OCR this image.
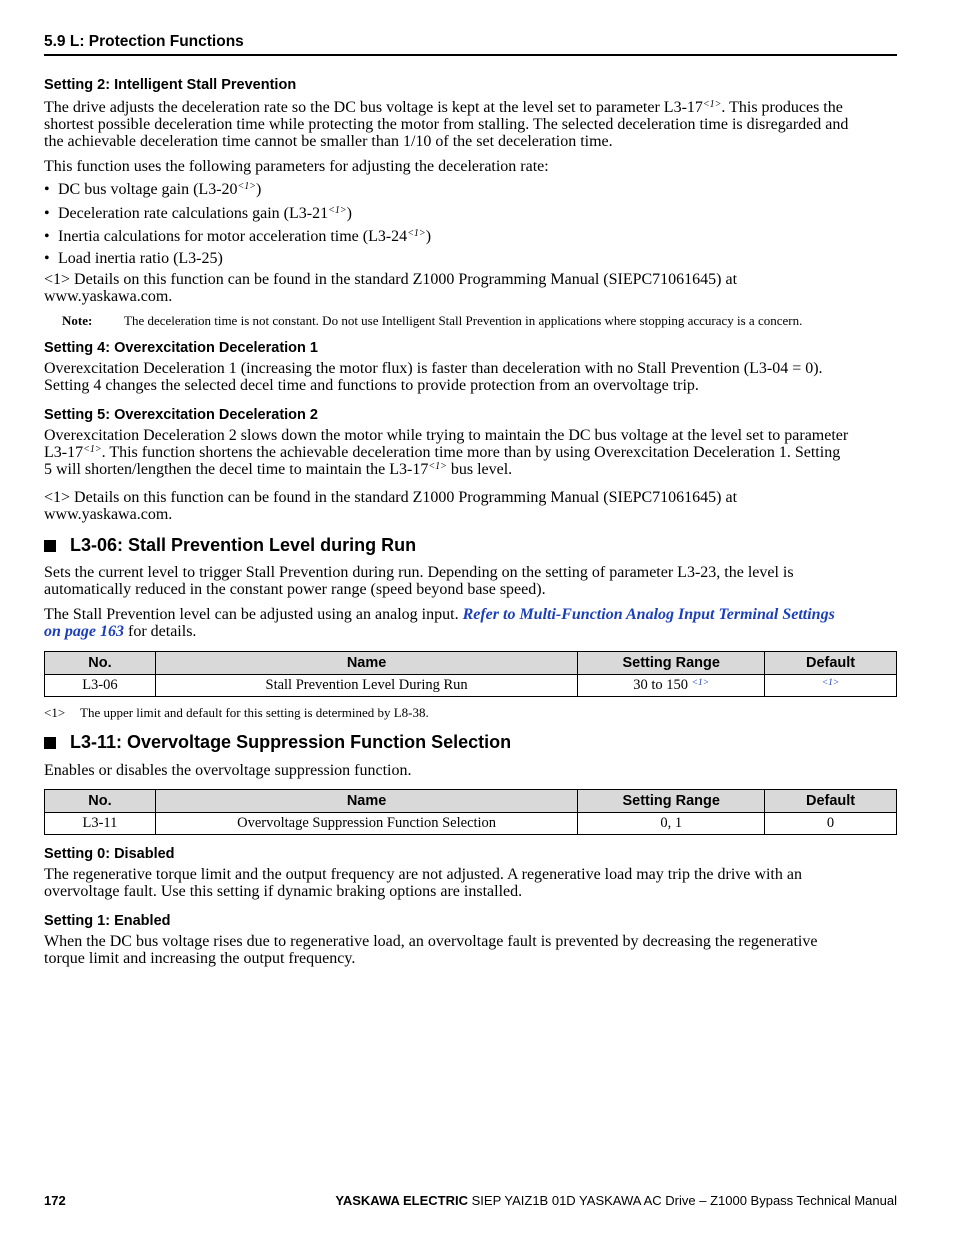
5.9 L: Protection Functions
Setting 2: Intelligent Stall Prevention
The drive adjusts the deceleration rate so the DC bus voltage is kept at the level set to parameter $L3-17^{<1>}$. This produces the
shortest possible deceleration time while protecting the motor from stalling. The selected deceleration time is disregarded and
the achievable deceleration time cannot be smaller than 1/10 of the set deceleration time.
This function uses the following parameters for adjusting the deceleration rate:
• DC bus voltage gain $(L3-20^{<1>})$
• Deceleration rate calculations gain $(L3-21^{<1>})$
• Inertia calculations for motor acceleration time $(L3-24^{<1>})$
• Load inertia ratio (L3-25)
<1> Details on this function can be found in the standard Z1000 Programming Manual (SIEPC71061645) at
www.yaskawa.com.
Note: The deceleration time is not constant. Do not use Intelligent Stall Prevention in applications where stopping accuracy is a concern.
Setting 4: Overexcitation Deceleration 1
Overexcitation Deceleration 1 (increasing the motor flux) is faster than deceleration with no Stall Prevention (L3-04 = 0).
Setting 4 changes the selected decel time and functions to provide protection from an overvoltage trip.
Setting 5: Overexcitation Deceleration 2
Overexcitation Deceleration 2 slows down the motor while trying to maintain the DC bus voltage at the level set to parameter
$L3-17^{<1>}$. This function shortens the achievable deceleration time more than by using Overexcitation Deceleration 1. Setting
5 will shorten/lengthen the decel time to maintain the $L3-17^{<1>}$ bus level.
<1> Details on this function can be found in the standard Z1000 Programming Manual (SIEPC71061645) at
www.yaskawa.com.
L3-06: Stall Prevention Level during Run
Sets the current level to trigger Stall Prevention during run. Depending on the setting of parameter L3-23, the level is
automatically reduced in the constant power range (speed beyond base speed).
The Stall Prevention level can be adjusted using an analog input. Refer to Multi-Function Analog Input Terminal Settings
on page 163 for details.
No.	Name	Setting Range	Default
L3-06	Stall Prevention Level During Run	30 to 150 $^{<1>}$	$^{<1>}$
<1> The upper limit and default for this setting is determined by L8-38.
L3-11: Overvoltage Suppression Function Selection
Enables or disables the overvoltage suppression function.
No.	Name	Setting Range	Default
L3-11	Overvoltage Suppression Function Selection	0, 1	0
Setting 0: Disabled
The regenerative torque limit and the output frequency are not adjusted. A regenerative load may trip the drive with an
overvoltage fault. Use this setting if dynamic braking options are installed.
Setting 1: Enabled
When the DC bus voltage rises due to regenerative load, an overvoltage fault is prevented by decreasing the regenerative
torque limit and increasing the output frequency.
172	YASKAWA ELECTRIC SIEP YAIZ1B 01D YASKAWA AC Drive – Z1000 Bypass Technical Manual
